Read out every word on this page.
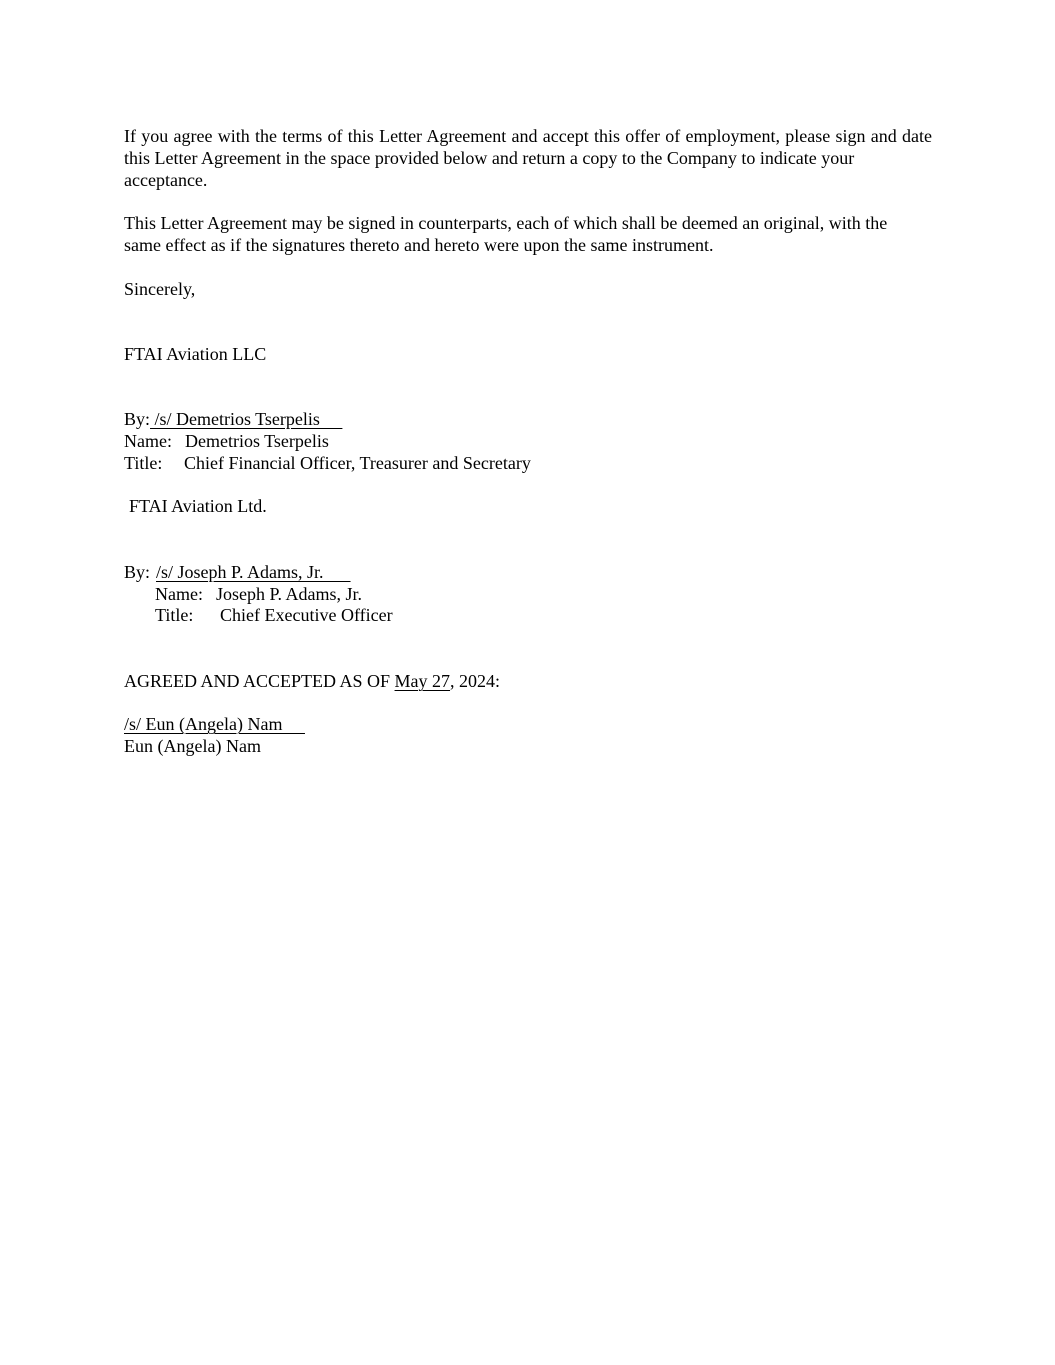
If you agree with the terms of this Letter Agreement and accept this offer of employment, please sign and date this Letter Agreement in the space provided below and return a copy to the Company to indicate your
acceptance.
This Letter Agreement may be signed in counterparts, each of which shall be deemed an original, with the
same effect as if the signatures thereto and hereto were upon the same instrument.
Sincerely,
FTAI Aviation LLC
By: /s/ Demetrios Tserpelis
Name: Demetrios Tserpelis
Title: Chief Financial Officer, Treasurer and Secretary
FTAI Aviation Ltd.
By: /s/ Joseph P. Adams, Jr.
Name: Joseph P. Adams, Jr.
Title: Chief Executive Officer
AGREED AND ACCEPTED AS OF May 27, 2024:
/s/ Eun (Angela) Nam
Eun (Angela) Nam
